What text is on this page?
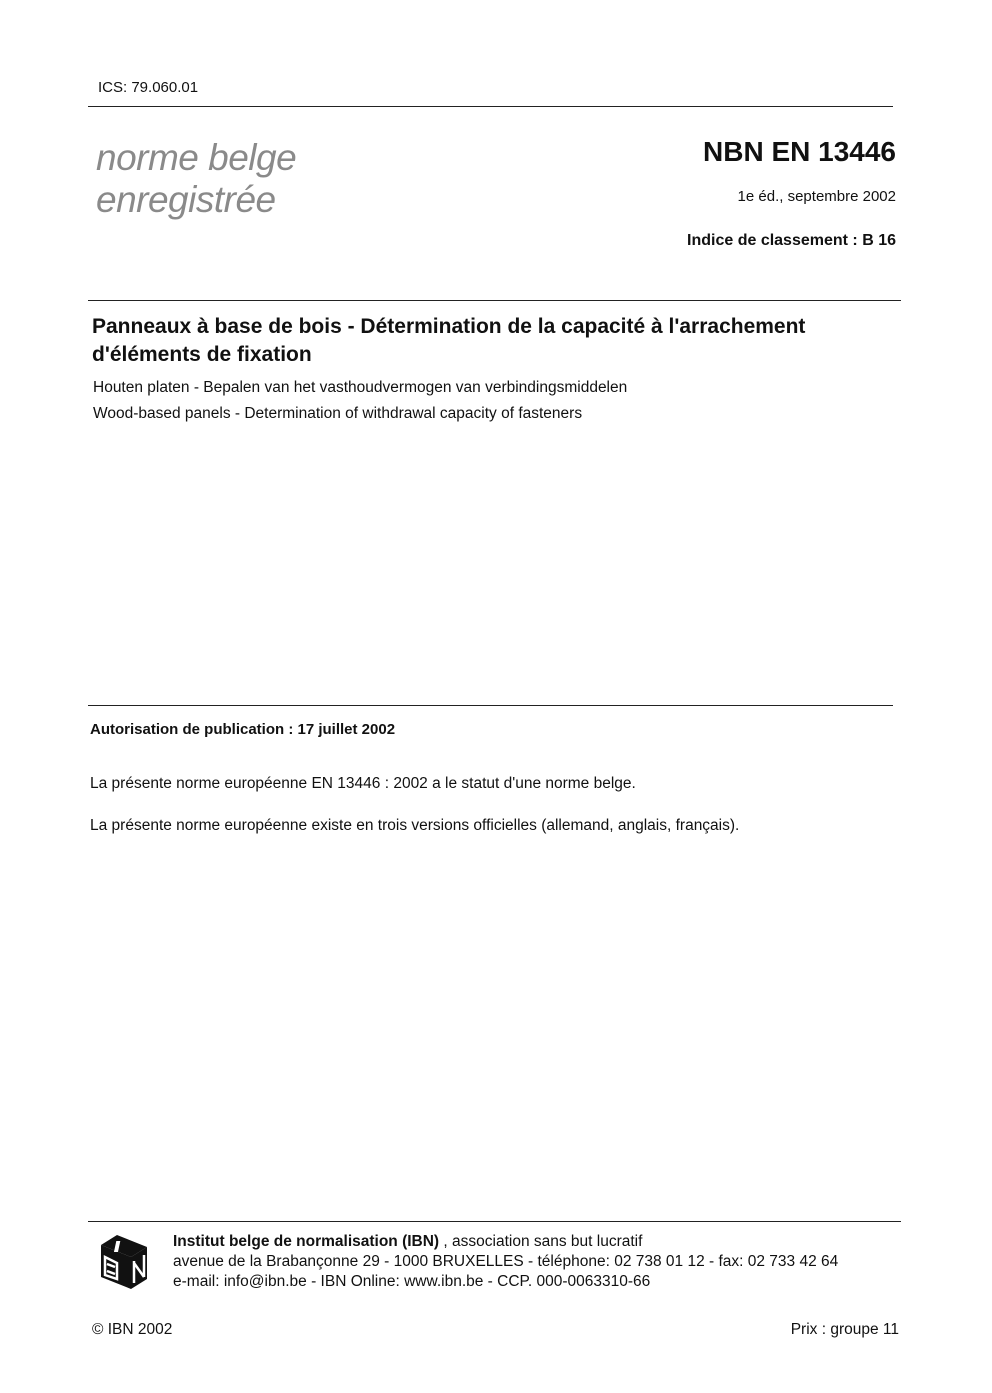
ICS: 79.060.01
norme belge
enregistrée
NBN EN 13446
1e éd., septembre 2002
Indice de classement : B 16
Panneaux à base de bois - Détermination de la capacité à l'arrachement
d'éléments de fixation
Houten platen - Bepalen van het vasthoudvermogen van verbindingsmiddelen
Wood-based panels - Determination of withdrawal capacity of fasteners
Autorisation de publication : 17 juillet 2002
La présente norme européenne EN 13446 : 2002 a le statut d'une norme belge.
La présente norme européenne existe en trois versions officielles (allemand, anglais, français).
Institut belge de normalisation (IBN) , association sans but lucratif
avenue de la Brabançonne 29 - 1000 BRUXELLES - téléphone: 02 738 01 12 - fax: 02 733 42 64
e-mail: info@ibn.be - IBN Online: www.ibn.be - CCP. 000-0063310-66
© IBN 2002	Prix : groupe 11
